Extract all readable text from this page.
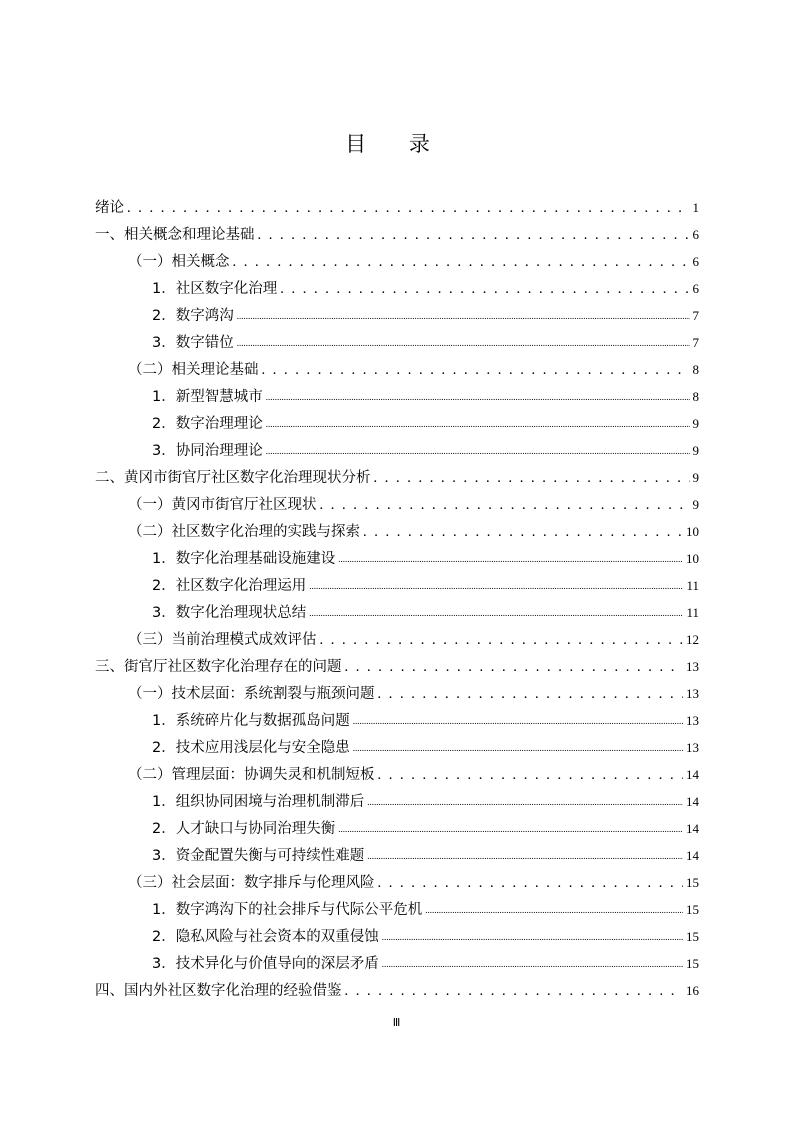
目 录
绪论 . . .	1
一、相关概念和理论基础 . . .	6
（一）相关概念 . . .	6
1．社区数字化治理 . . .	6
2．数字鸿沟 .....	7
3．数字错位 .....	7
（二）相关理论基础 . . .	8
1．新型智慧城市 .....	8
2．数字治理理论 .....	9
3．协同治理理论 .....	9
二、黄冈市街官厅社区数字化治理现状分析 . . .	9
（一）黄冈市街官厅社区现状 . . .	9
（二）社区数字化治理的实践与探索 . . .	10
1．数字化治理基础设施建设 .....	10
2．社区数字化治理运用 .....	11
3．数字化治理现状总结 .....	11
（三）当前治理模式成效评估 . . .	12
三、街官厅社区数字化治理存在的问题 . . .	13
（一）技术层面：系统割裂与瓶颈问题 . . .	13
1．系统碎片化与数据孤岛问题 .....	13
2．技术应用浅层化与安全隐患 .....	13
（二）管理层面：协调失灵和机制短板 . . .	14
1．组织协同困境与治理机制滞后 .....	14
2．人才缺口与协同治理失衡 .....	14
3．资金配置失衡与可持续性难题 .....	14
（三）社会层面：数字排斥与伦理风险 . . .	15
1．数字鸿沟下的社会排斥与代际公平危机 .....	15
2．隐私风险与社会资本的双重侵蚀 .....	15
3．技术异化与价值导向的深层矛盾 .....	15
四、国内外社区数字化治理的经验借鉴 . . .	16
Ⅲ
